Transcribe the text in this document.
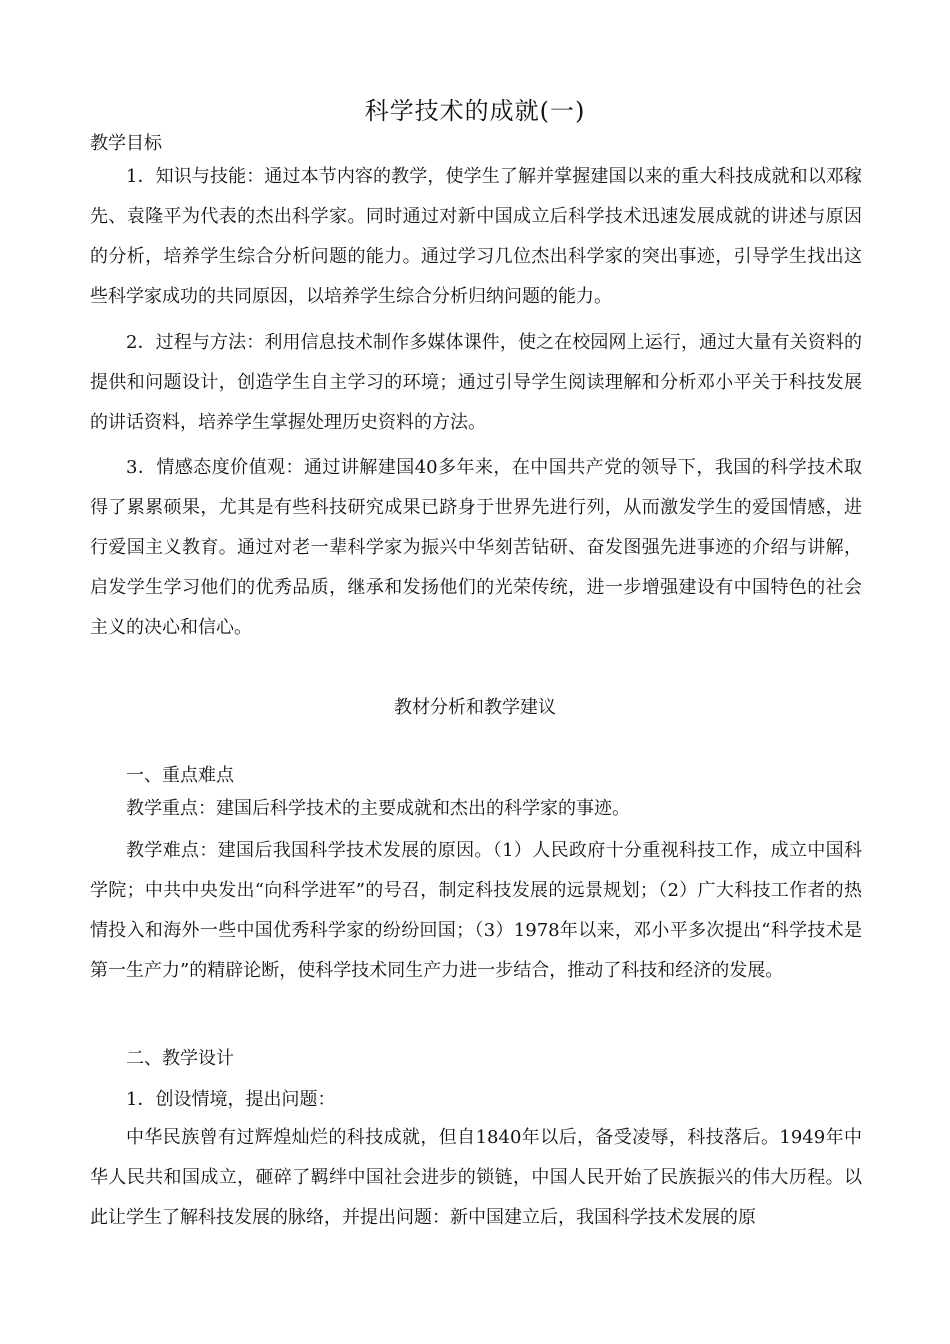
科学技术的成就(一)
教学目标

1．知识与技能：通过本节内容的教学，使学生了解并掌握建国以来的重大科技成就和以邓稼先、袁隆平为代表的杰出科学家。同时通过对新中国成立后科学技术迅速发展成就的讲述与原因的分析，培养学生综合分析问题的能力。通过学习几位杰出科学家的突出事迹，引导学生找出这些科学家成功的共同原因，以培养学生综合分析归纳问题的能力。

2．过程与方法：利用信息技术制作多媒体课件，使之在校园网上运行，通过大量有关资料的提供和问题设计，创造学生自主学习的环境；通过引导学生阅读理解和分析邓小平关于科技发展的讲话资料，培养学生掌握处理历史资料的方法。

3．情感态度价值观：通过讲解建国40多年来，在中国共产党的领导下，我国的科学技术取得了累累硕果，尤其是有些科技研究成果已跻身于世界先进行列，从而激发学生的爱国情感，进行爱国主义教育。通过对老一辈科学家为振兴中华刻苦钻研、奋发图强先进事迹的介绍与讲解，启发学生学习他们的优秀品质，继承和发扬他们的光荣传统，进一步增强建设有中国特色的社会主义的决心和信心。

教材分析和教学建议
一、重点难点

教学重点：建国后科学技术的主要成就和杰出的科学家的事迹。

教学难点：建国后我国科学技术发展的原因。（1）人民政府十分重视科技工作，成立中国科学院；中共中央发出“向科学进军”的号召，制定科技发展的远景规划；（2）广大科技工作者的热情投入和海外一些中国优秀科学家的纷纷回国；（3）1978年以来，邓小平多次提出“科学技术是第一生产力”的精辟论断，使科学技术同生产力进一步结合，推动了科技和经济的发展。

二、教学设计
1．创设情境，提出问题：

中华民族曾有过辉煌灿烂的科技成就，但自1840年以后，备受凌辱，科技落后。1949年中华人民共和国成立，砸碎了羁绊中国社会进步的锁链，中国人民开始了民族振兴的伟大历程。以此让学生了解科技发展的脉络，并提出问题：新中国建立后，我国科学技术发展的原
